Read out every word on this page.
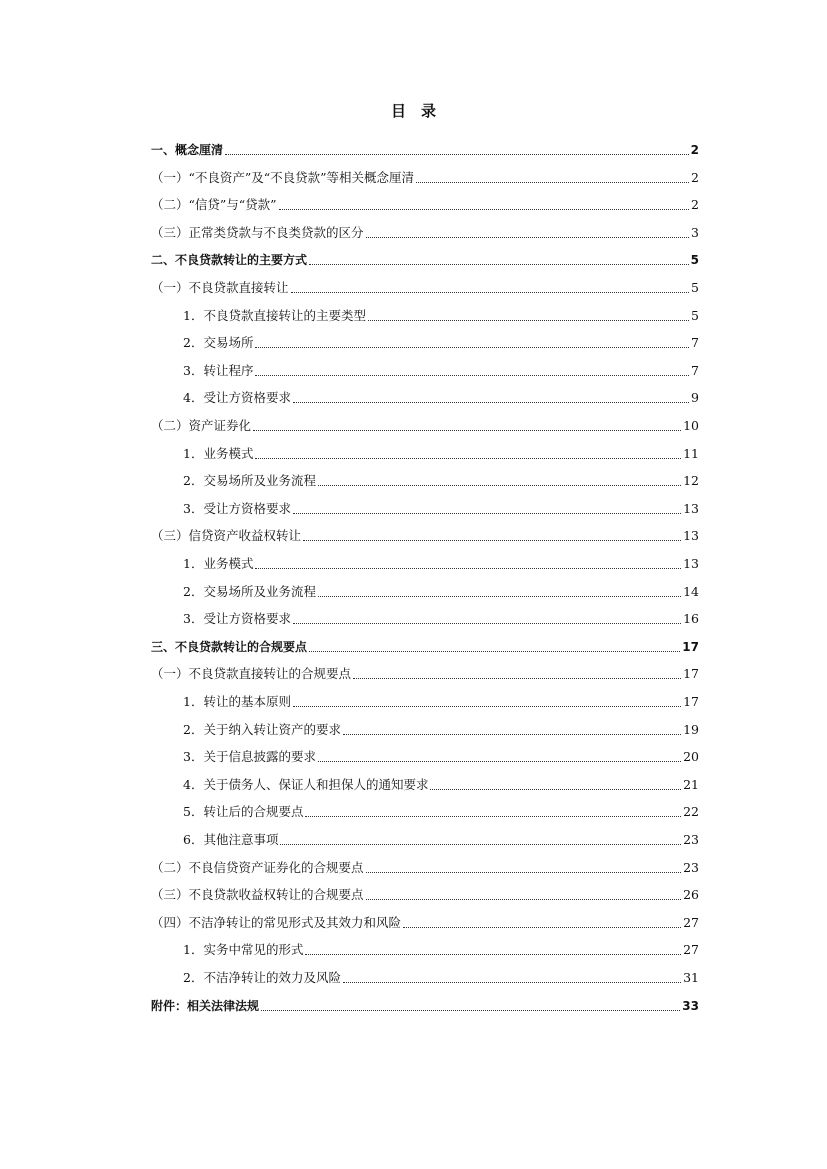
目　录
一、概念厘清	2
（一）“不良资产”及“不良贷款”等相关概念厘清	2
（二）“信贷”与“贷款”	2
（三）正常类贷款与不良类贷款的区分	3
二、不良贷款转让的主要方式	5
（一）不良贷款直接转让	5
1．不良贷款直接转让的主要类型	5
2．交易场所	7
3．转让程序	7
4．受让方资格要求	9
（二）资产证券化	10
1．业务模式	11
2．交易场所及业务流程	12
3．受让方资格要求	13
（三）信贷资产收益权转让	13
1．业务模式	13
2．交易场所及业务流程	14
3．受让方资格要求	16
三、不良贷款转让的合规要点	17
（一）不良贷款直接转让的合规要点	17
1．转让的基本原则	17
2．关于纳入转让资产的要求	19
3．关于信息披露的要求	20
4．关于债务人、保证人和担保人的通知要求	21
5．转让后的合规要点	22
6．其他注意事项	23
（二）不良信贷资产证券化的合规要点	23
（三）不良贷款收益权转让的合规要点	26
（四）不洁净转让的常见形式及其效力和风险	27
1．实务中常见的形式	27
2．不洁净转让的效力及风险	31
附件：相关法律法规	33
